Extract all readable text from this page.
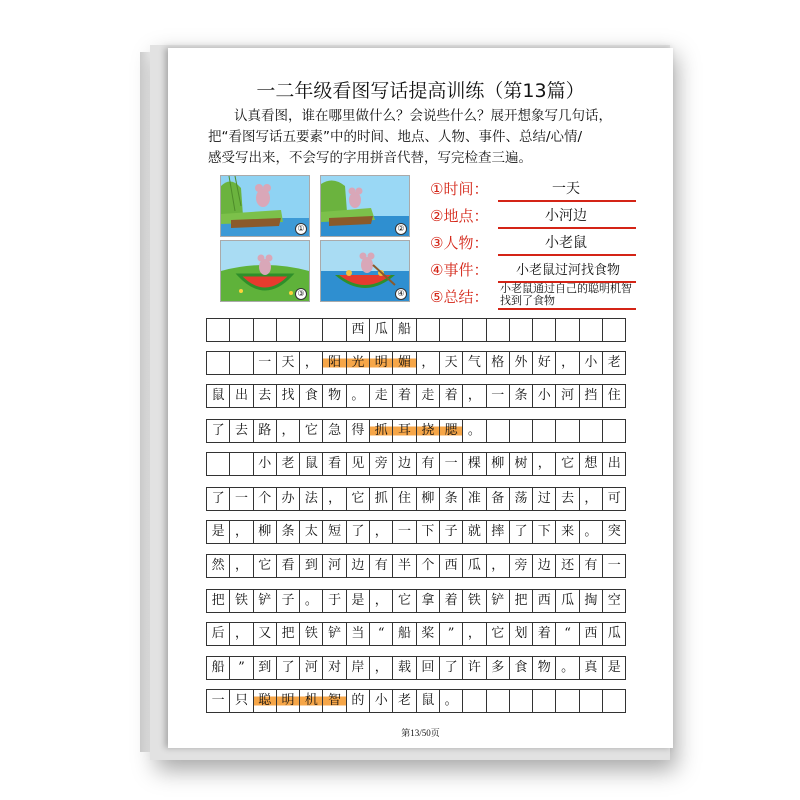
一二年级看图写话提高训练（第13篇）
认真看图，谁在哪里做什么？会说些什么？展开想象写几句话，
把“看图写话五要素”中的时间、地点、人物、事件、总结/心情/
感受写出来，不会写的字用拼音代替，写完检查三遍。
①	②
③	④
①时间：	一天
②地点：	小河边
③人物：	小老鼠
④事件：	小老鼠过河找食物
⑤总结： 小老鼠通过自己的聪明机智找到了食物
西 瓜 船
一 天 ， 阳 光 明 媚 ， 天 气 格 外 好 ， 小 老
鼠 出 去 找 食 物 。 走 着 走 着 ， 一 条 小 河 挡 住
了 去 路 ， 它 急 得 抓 耳 挠 腮 。
小 老 鼠 看 见 旁 边 有 一 棵 柳 树 ， 它 想 出
了 一 个 办 法 ， 它 抓 住 柳 条 准 备 荡 过 去 ， 可
是 ， 柳 条 太 短 了 ， 一 下 子 就 摔 了 下 来 。 突
然 ， 它 看 到 河 边 有 半 个 西 瓜 ， 旁 边 还 有 一
把 铁 铲 子 。 于 是 ， 它 拿 着 铁 铲 把 西 瓜 掏 空
后 ， 又 把 铁 铲 当	“	船 桨	”	， 它 划 着	“	西 瓜
船	”	到 了 河 对 岸 ， 载 回 了 许 多 食 物 。 真 是
一 只 聪 明 机 智 的 小 老 鼠 。
第13/50页
